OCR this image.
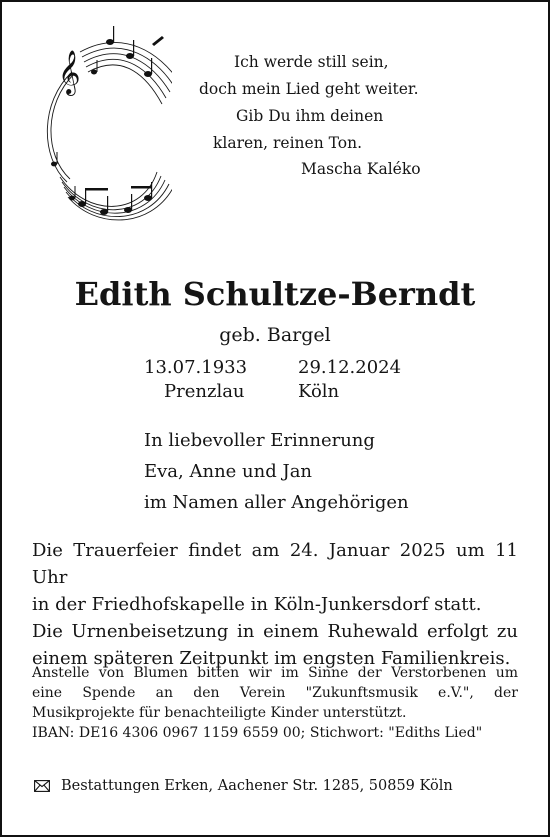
𝄞	Ich werde still sein,
doch mein Lied geht weiter.
Gib Du ihm deinen
klaren, reinen Ton.
Mascha Kaléko
Edith Schultze-Berndt
geb. Bargel
13.07.1933	29.12.2024
Prenzlau	Köln
In liebevoller Erinnerung
Eva, Anne und Jan
im Namen aller Angehörigen
Die Trauerfeier findet am 24. Januar 2025 um 11 Uhr
in der Friedhofskapelle in Köln-Junkersdorf statt.
Die Urnenbeisetzung in einem Ruhewald erfolgt zu
einem späteren Zeitpunkt im engsten Familienkreis.
Anstelle von Blumen bitten wir im Sinne der Verstorbenen um
eine Spende an den Verein "Zukunftsmusik e.V.", der
Musikprojekte für benachteiligte Kinder unterstützt.
IBAN: DE16 4306 0967 1159 6559 00; Stichwort: "Ediths Lied"
Bestattungen Erken, Aachener Str. 1285, 50859 Köln
